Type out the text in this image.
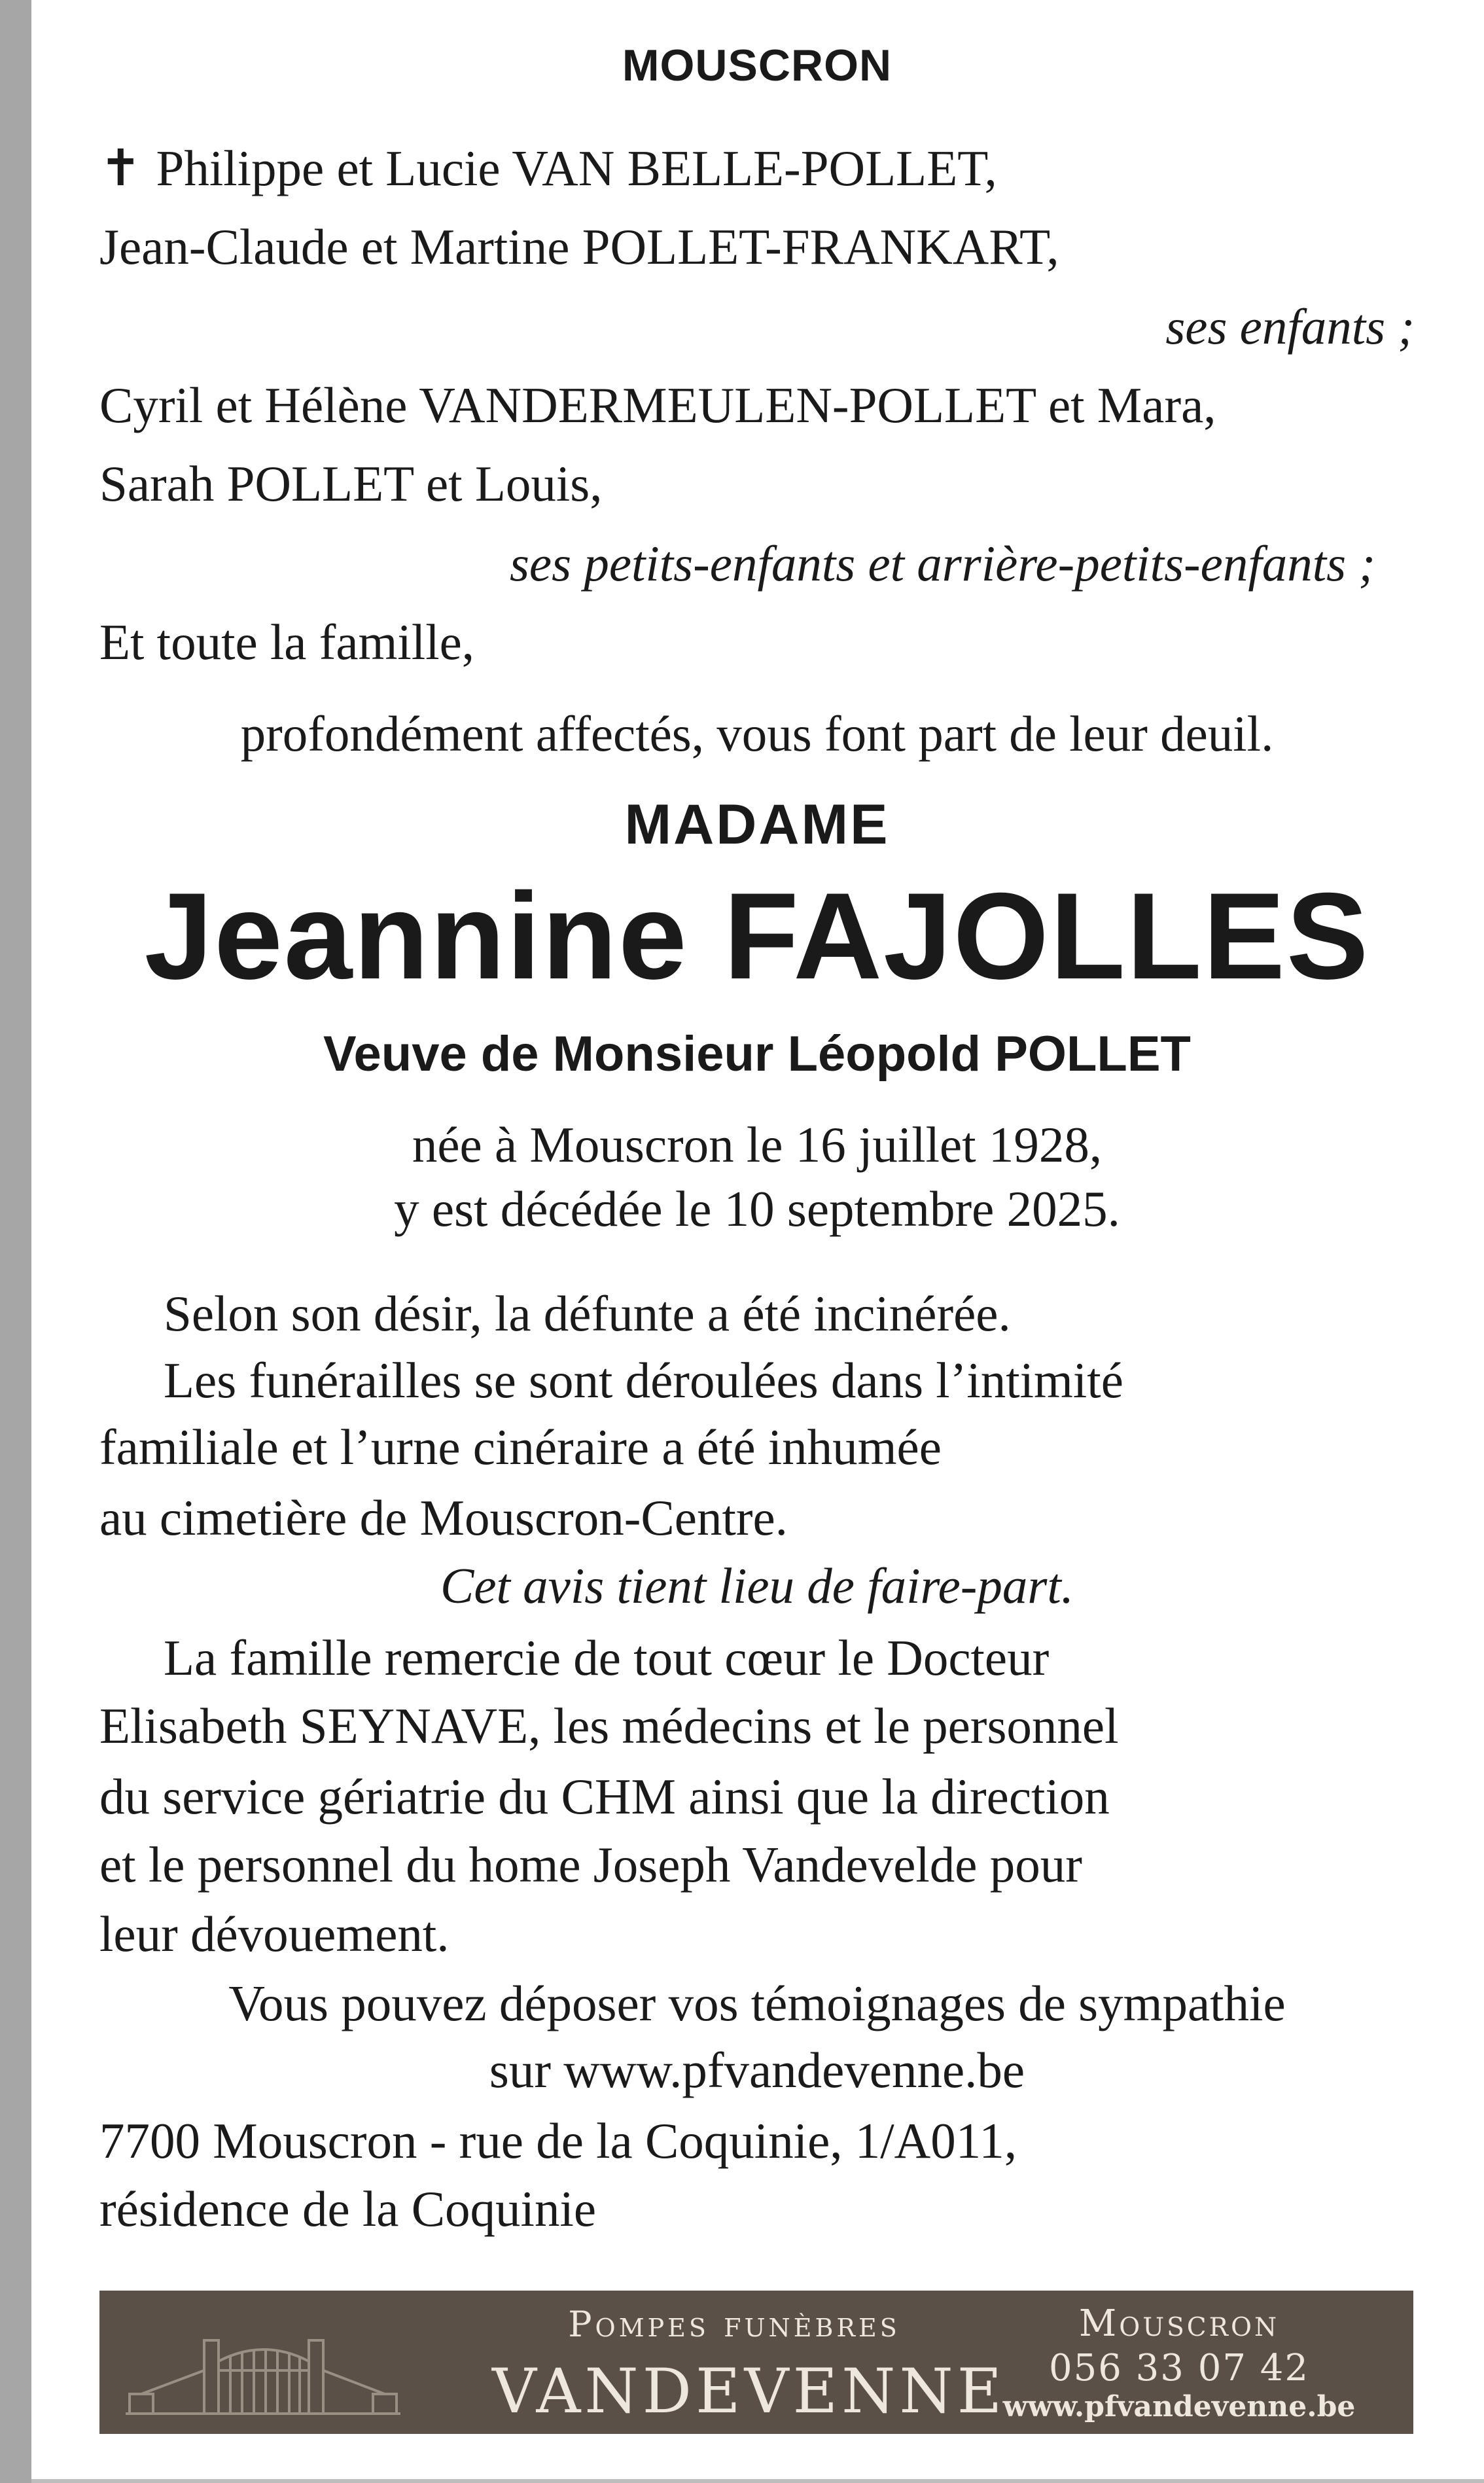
MOUSCRON
✝ Philippe et Lucie VAN BELLE-POLLET,
Jean-Claude et Martine POLLET-FRANKART,
ses enfants ;
Cyril et Hélène VANDERMEULEN-POLLET et Mara,
Sarah POLLET et Louis,
ses petits-enfants et arrière-petits-enfants ;
Et toute la famille,
profondément affectés, vous font part de leur deuil.
MADAME
Jeannine FAJOLLES
Veuve de Monsieur Léopold POLLET
née à Mouscron le 16 juillet 1928,
y est décédée le 10 septembre 2025.
Selon son désir, la défunte a été incinérée.
Les funérailles se sont déroulées dans l’intimité
familiale et l’urne cinéraire a été inhumée
au cimetière de Mouscron-Centre.
Cet avis tient lieu de faire-part.
La famille remercie de tout cœur le Docteur
Elisabeth SEYNAVE, les médecins et le personnel
du service gériatrie du CHM ainsi que la direction
et le personnel du home Joseph Vandevelde pour
leur dévouement.
Vous pouvez déposer vos témoignages de sympathie
sur www.pfvandevenne.be
7700 Mouscron - rue de la Coquinie, 1/A011,
résidence de la Coquinie
Pompes funèbres
VANDEVENNE
Mouscron
056 33 07 42
www.pfvandevenne.be
